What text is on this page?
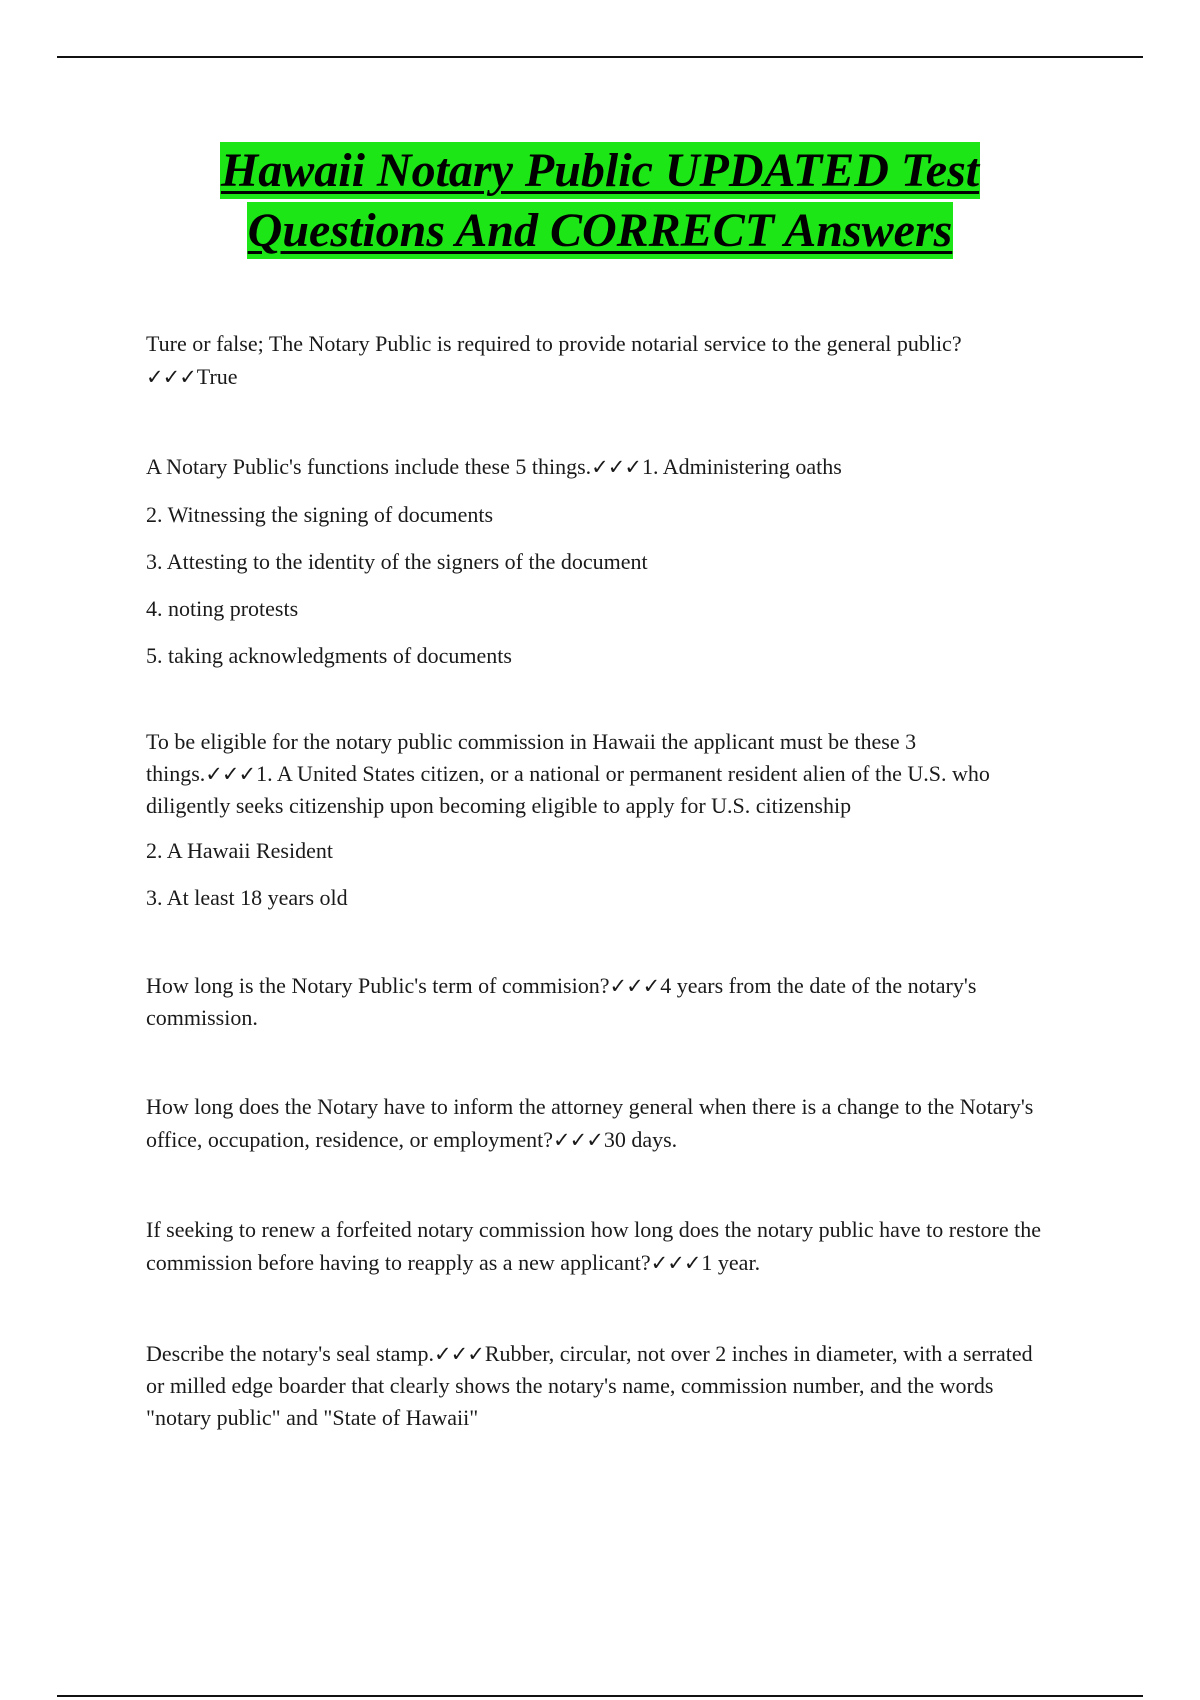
Hawaii Notary Public UPDATED Test
Questions And CORRECT Answers

Ture or false; The Notary Public is required to provide notarial service to the general public?✓✓✓True

A Notary Public's functions include these 5 things.✓✓✓1. Administering oaths

2. Witnessing the signing of documents

3. Attesting to the identity of the signers of the document

4. noting protests

5. taking acknowledgments of documents

To be eligible for the notary public commission in Hawaii the applicant must be these 3 things.✓✓✓1. A United States citizen, or a national or permanent resident alien of the U.S. who diligently seeks citizenship upon becoming eligible to apply for U.S. citizenship

2. A Hawaii Resident

3. At least 18 years old

How long is the Notary Public's term of commision?✓✓✓4 years from the date of the notary's commission.

How long does the Notary have to inform the attorney general when there is a change to the Notary's office, occupation, residence, or employment?✓✓✓30 days.

If seeking to renew a forfeited notary commission how long does the notary public have to restore the commission before having to reapply as a new applicant?✓✓✓1 year.

Describe the notary's seal stamp.✓✓✓Rubber, circular, not over 2 inches in diameter, with a serrated or milled edge boarder that clearly shows the notary's name, commission number, and the words "notary public" and "State of Hawaii"
